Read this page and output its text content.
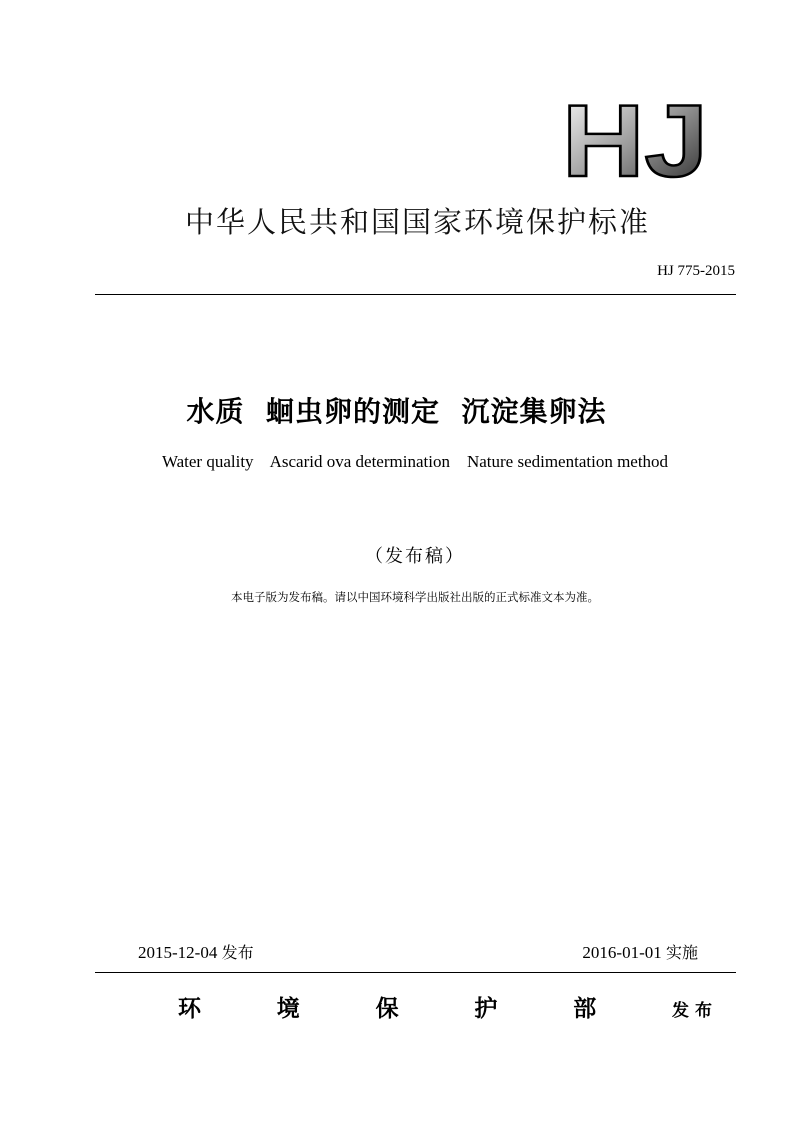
HJ
中华人民共和国国家环境保护标准
HJ 775-2015
水质  蛔虫卵的测定  沉淀集卵法
Water quality    Ascarid ova determination    Nature sedimentation method
（发布稿）
本电子版为发布稿。请以中国环境科学出版社出版的正式标准文本为准。
2015-12-04 发布	2016-01-01 实施
环	境	保	护	部	发布
